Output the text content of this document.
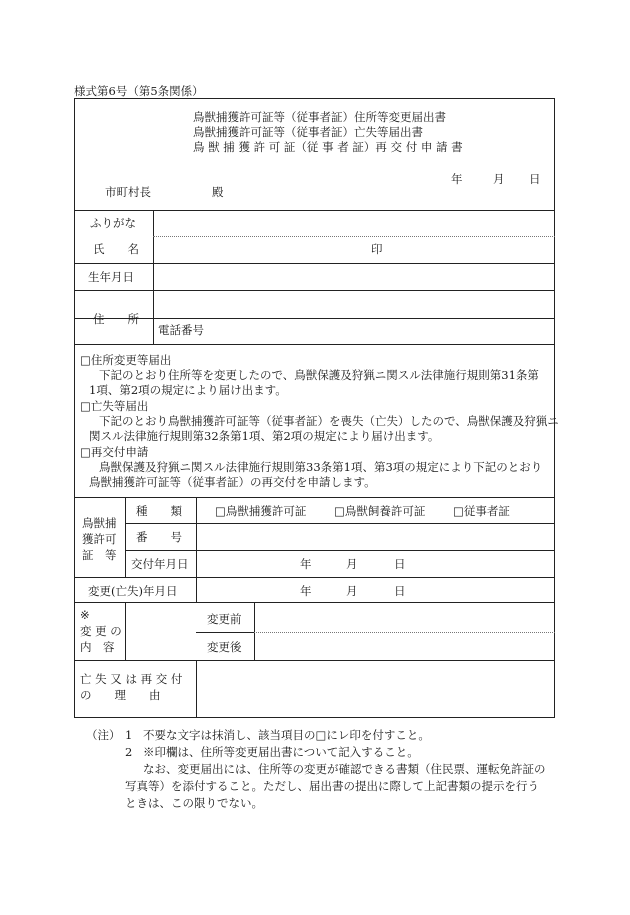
様式第6号（第5条関係）
鳥獣捕獲許可証等（従事者証）住所等変更届出書
鳥獣捕獲許可証等（従事者証）亡失等届出書
鳥 獣 捕 獲 許 可 証（従 事 者 証）再 交 付 申 請 書
年	月 日
市町村長	殿
ふりがな
氏　　名	印
生年月日
住　　所
電話番号
□住所変更等届出
下記のとおり住所等を変更したので、鳥獣保護及狩猟ニ関スル法律施行規則第31条第
1項、第2項の規定により届け出ます。
□亡失等届出
下記のとおり鳥獣捕獲許可証等（従事者証）を喪失（亡失）したので、鳥獣保護及狩猟ニ
関スル法律施行規則第32条第1項、第2項の規定により届け出ます。
□再交付申請
鳥獣保護及狩猟ニ関スル法律施行規則第33条第1項、第3項の規定により下記のとおり
鳥獣捕獲許可証等（従事者証）の再交付を申請します。
鳥獣捕
獲許可
証　等
種　　類	□鳥獣捕獲許可証 □鳥獣飼養許可証 □従事者証
番　　号
交付年月日	年	月	日
変更(亡失)年月日	年	月	日
※
変 更 の
内　容
変更前
変更後
亡 失 又 は 再 交 付
の　　理　　由
（注） 1 不要な文字は抹消し、該当項目の□にレ印を付すこと。
2 ※印欄は、住所等変更届出書について記入すること。
なお、変更届出には、住所等の変更が確認できる書類（住民票、運転免許証の
写真等）を添付すること。ただし、届出書の提出に際して上記書類の提示を行う
ときは、この限りでない。
